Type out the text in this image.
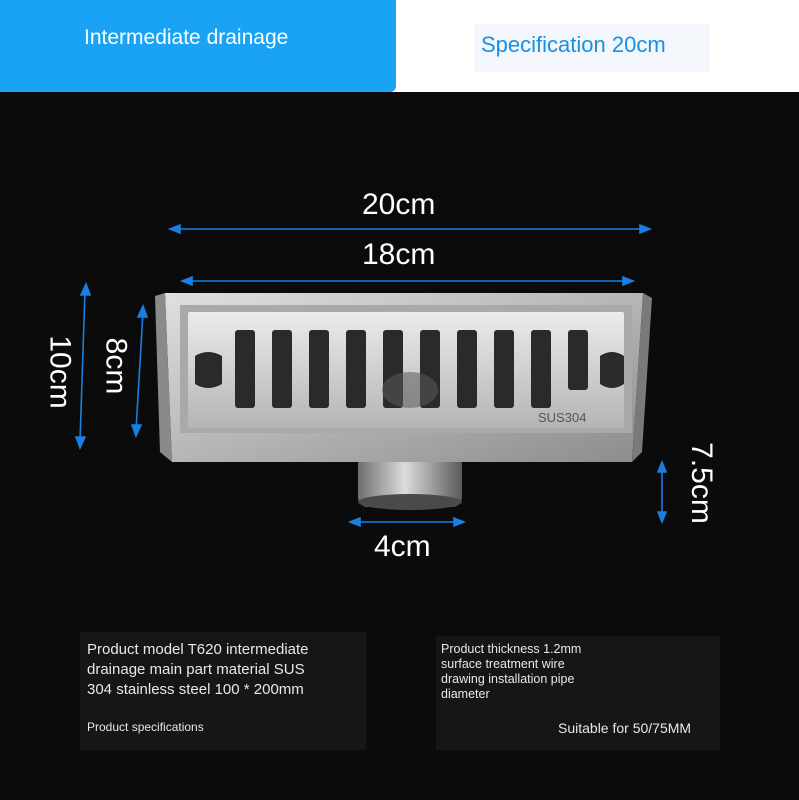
Intermediate drainage	Specification 20cm
SUS304
20cm
18cm
10cm 8cm
7.5cm
4cm
Product model T620 intermediate
drainage main part material SUS
304 stainless steel 100 * 200mm
Product specifications
Product thickness 1.2mm
surface treatment wire
drawing installation pipe
diameter
Suitable for 50/75MM
